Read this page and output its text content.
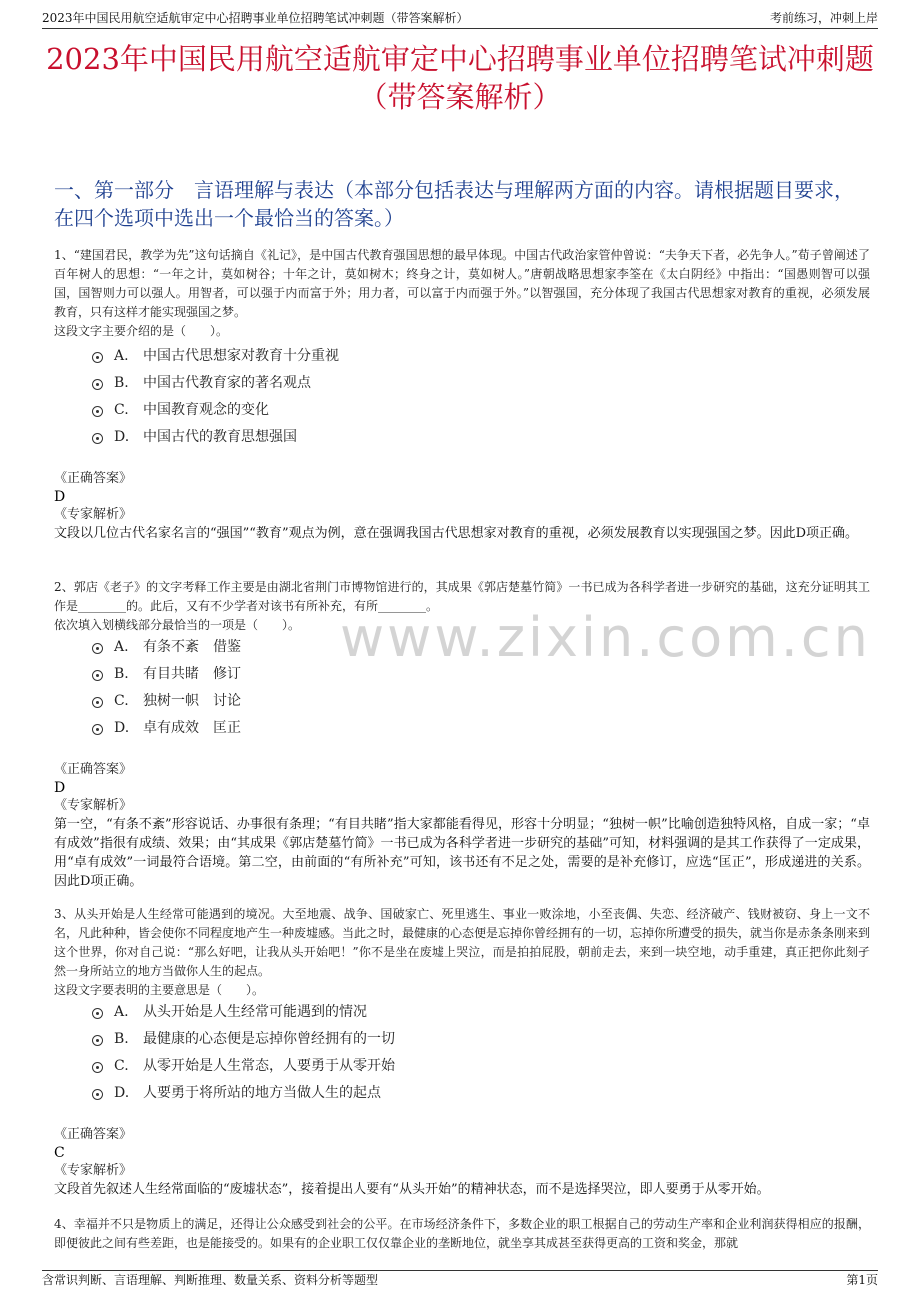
2023年中国民用航空适航审定中心招聘事业单位招聘笔试冲刺题（带答案解析）	考前练习，冲刺上岸
2023年中国民用航空适航审定中心招聘事业单位招聘笔试冲刺题（带答案解析）
一、第一部分　言语理解与表达（本部分包括表达与理解两方面的内容。请根据题目要求，在四个选项中选出一个最恰当的答案。）
www.zixin.com.cn

1、“建国君民，教学为先”这句话摘自《礼记》，是中国古代教育强国思想的最早体现。中国古代政治家管仲曾说：“夫争天下者，必先争人。”荀子曾阐述了百年树人的思想：“一年之计，莫如树谷；十年之计，莫如树木；终身之计，莫如树人。”唐朝战略思想家李筌在《太白阴经》中指出：“国愚则智可以强国，国智则力可以强人。用智者，可以强于内而富于外；用力者，可以富于内而强于外。”以智强国，充分体现了我国古代思想家对教育的重视，必须发展教育，只有这样才能实现强国之梦。

这段文字主要介绍的是（　　）。

A. 中国古代思想家对教育十分重视
B. 中国古代教育家的著名观点
C. 中国教育观念的变化
D. 中国古代的教育思想强国
《正确答案》
D
《专家解析》

文段以几位古代名家名言的“强国”“教育”观点为例，意在强调我国古代思想家对教育的重视，必须发展教育以实现强国之梦。因此D项正确。

2、郭店《老子》的文字考释工作主要是由湖北省荆门市博物馆进行的，其成果《郭店楚墓竹简》一书已成为各科学者进一步研究的基础，这充分证明其工作是________的。此后，又有不少学者对该书有所补充，有所________。

依次填入划横线部分最恰当的一项是（　　）。

A. 有条不紊　借鉴
B. 有目共睹　修订
C. 独树一帜　讨论
D. 卓有成效　匡正
《正确答案》
D
《专家解析》

第一空，“有条不紊”形容说话、办事很有条理；“有目共睹”指大家都能看得见，形容十分明显；“独树一帜”比喻创造独特风格，自成一家；“卓有成效”指很有成绩、效果；由“其成果《郭店楚墓竹简》一书已成为各科学者进一步研究的基础”可知，材料强调的是其工作获得了一定成果，用“卓有成效”一词最符合语境。第二空，由前面的“有所补充”可知，该书还有不足之处，需要的是补充修订，应选“匡正”，形成递进的关系。因此D项正确。

3、从头开始是人生经常可能遇到的境况。大至地震、战争、国破家亡、死里逃生、事业一败涂地，小至丧偶、失恋、经济破产、钱财被窃、身上一文不名，凡此种种，皆会使你不同程度地产生一种废墟感。当此之时，最健康的心态便是忘掉你曾经拥有的一切，忘掉你所遭受的损失，就当你是赤条条刚来到这个世界，你对自己说：“那么好吧，让我从头开始吧！”你不是坐在废墟上哭泣，而是拍拍屁股，朝前走去，来到一块空地，动手重建，真正把你此刻孑然一身所站立的地方当做你人生的起点。

这段文字要表明的主要意思是（　　）。

A. 从头开始是人生经常可能遇到的情况
B. 最健康的心态便是忘掉你曾经拥有的一切
C. 从零开始是人生常态，人要勇于从零开始
D. 人要勇于将所站的地方当做人生的起点
《正确答案》
C
《专家解析》

文段首先叙述人生经常面临的“废墟状态”，接着提出人要有“从头开始”的精神状态，而不是选择哭泣，即人要勇于从零开始。

4、幸福并不只是物质上的满足，还得让公众感受到社会的公平。在市场经济条件下，多数企业的职工根据自己的劳动生产率和企业利润获得相应的报酬，即便彼此之间有些差距，也是能接受的。如果有的企业职工仅仅靠企业的垄断地位，就坐享其成甚至获得更高的工资和奖金，那就

含常识判断、言语理解、判断推理、数量关系、资料分析等题型	第1页
